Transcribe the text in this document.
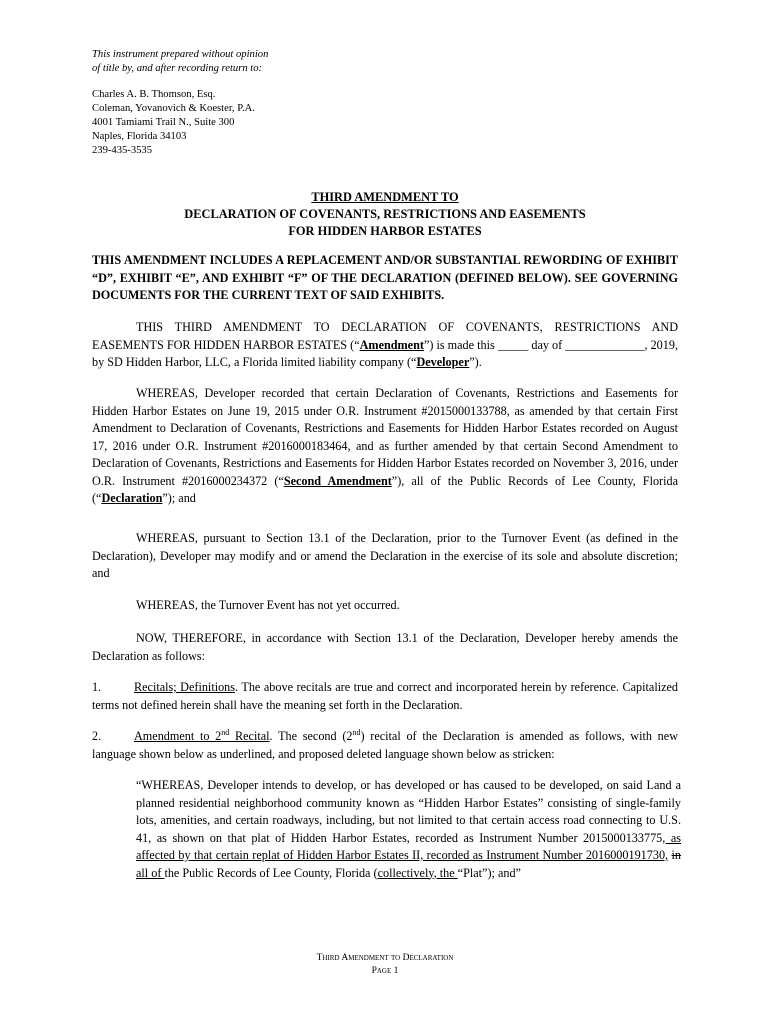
This instrument prepared without opinion
of title by, and after recording return to:
Charles A. B. Thomson, Esq.
Coleman, Yovanovich & Koester, P.A.
4001 Tamiami Trail N., Suite 300
Naples, Florida 34103
239-435-3535
THIRD AMENDMENT TO
DECLARATION OF COVENANTS, RESTRICTIONS AND EASEMENTS
FOR HIDDEN HARBOR ESTATES
THIS AMENDMENT INCLUDES A REPLACEMENT AND/OR SUBSTANTIAL REWORDING OF EXHIBIT “D”, EXHIBIT “E”, AND EXHIBIT “F” OF THE DECLARATION (DEFINED BELOW). SEE GOVERNING DOCUMENTS FOR THE CURRENT TEXT OF SAID EXHIBITS.
THIS THIRD AMENDMENT TO DECLARATION OF COVENANTS, RESTRICTIONS AND EASEMENTS FOR HIDDEN HARBOR ESTATES (“Amendment”) is made this _____ day of _____________, 2019, by SD Hidden Harbor, LLC, a Florida limited liability company (“Developer”).
WHEREAS, Developer recorded that certain Declaration of Covenants, Restrictions and Easements for Hidden Harbor Estates on June 19, 2015 under O.R. Instrument #2015000133788, as amended by that certain First Amendment to Declaration of Covenants, Restrictions and Easements for Hidden Harbor Estates recorded on August 17, 2016 under O.R. Instrument #2016000183464, and as further amended by that certain Second Amendment to Declaration of Covenants, Restrictions and Easements for Hidden Harbor Estates recorded on November 3, 2016, under O.R. Instrument #2016000234372 (“Second Amendment”), all of the Public Records of Lee County, Florida (“Declaration”); and
WHEREAS, pursuant to Section 13.1 of the Declaration, prior to the Turnover Event (as defined in the Declaration), Developer may modify and or amend the Declaration in the exercise of its sole and absolute discretion; and
WHEREAS, the Turnover Event has not yet occurred.
NOW, THEREFORE, in accordance with Section 13.1 of the Declaration, Developer hereby amends the Declaration as follows:
1.	Recitals; Definitions. The above recitals are true and correct and incorporated herein by reference. Capitalized terms not defined herein shall have the meaning set forth in the Declaration.
2.	Amendment to 2nd Recital. The second (2nd) recital of the Declaration is amended as follows, with new language shown below as underlined, and proposed deleted language shown below as stricken:
“WHEREAS, Developer intends to develop, or has developed or has caused to be developed, on said Land a planned residential neighborhood community known as “Hidden Harbor Estates” consisting of single-family lots, amenities, and certain roadways, including, but not limited to that certain access road connecting to U.S. 41, as shown on that plat of Hidden Harbor Estates, recorded as Instrument Number 2015000133775, as affected by that certain replat of Hidden Harbor Estates II, recorded as Instrument Number 2016000191730, in all of the Public Records of Lee County, Florida (collectively, the “Plat”); and”
Third Amendment to Declaration
Page 1
